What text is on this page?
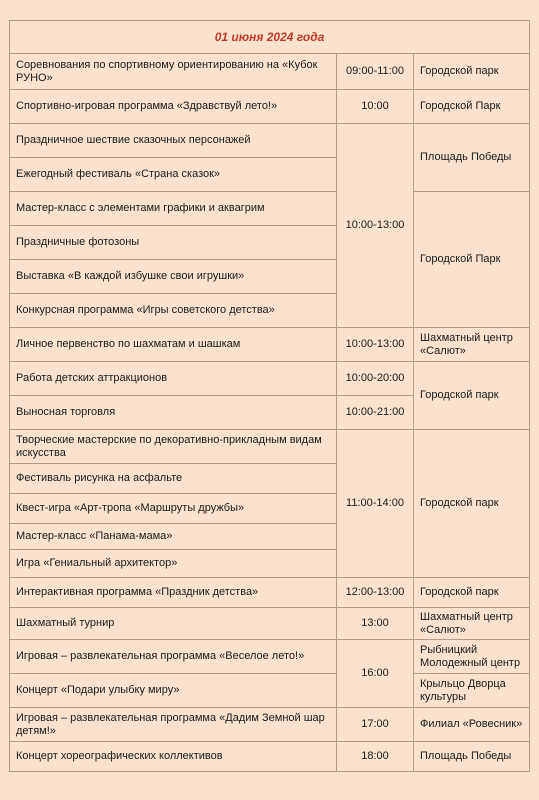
01 июня 2024 года		
Соревнования по спортивному ориентированию на «Кубок РУНО»	09:00-11:00	Городской парк
Спортивно-игровая программа «Здравствуй лето!»	10:00	Городской Парк
Праздничное шествие сказочных персонажей	10:00-13:00	Площадь Победы
Ежегодный фестиваль «Страна сказок»		
Мастер-класс с элементами графики и аквагрим		Городской Парк
Праздничные фотозоны		
Выставка «В каждой избушке свои игрушки»		
Конкурсная программа «Игры советского детства»		
Личное первенство по шахматам и шашкам	10:00-13:00	Шахматный центр «Салют»
Работа детских аттракционов	10:00-20:00	Городской парк
Выносная торговля	10:00-21:00	
Творческие мастерские по декоративно-прикладным видам искусства	11:00-14:00	Городской парк
Фестиваль рисунка на асфальте		
Квест-игра «Арт-тропа «Маршруты дружбы»		
Мастер-класс «Панама-мама»		
Игра «Гениальный архитектор»		
Интерактивная программа «Праздник детства»	12:00-13:00	Городской парк
Шахматный турнир	13:00	Шахматный центр «Салют»
Игровая – развлекательная программа «Веселое лето!»	16:00	Рыбницкий Молодежный центр
Концерт «Подари улыбку миру»		Крыльцо Дворца культуры
Игровая – развлекательная программа «Дадим Земной шар детям!»	17:00	Филиал «Ровесник»
Концерт хореографических коллективов	18:00	Площадь Победы
